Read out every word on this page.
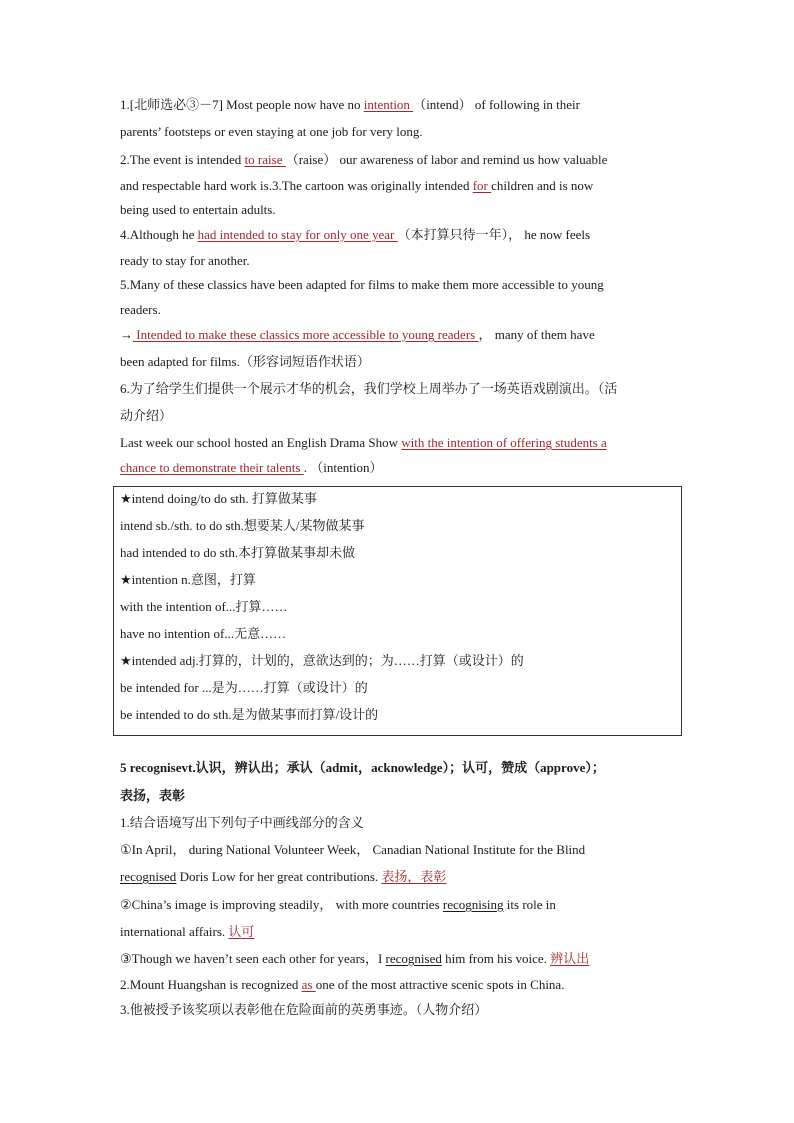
1.[北师选必③－7] Most people now have no intention （intend） of following in their
parents’ footsteps or even staying at one job for very long.
2.The event is intended to raise （raise） our awareness of labor and remind us how valuable
and respectable hard work is.3.The cartoon was originally intended for children and is now
being used to entertain adults.
4.Although he had intended to stay for only one year （本打算只待一年）， he now feels
ready to stay for another.
5.Many of these classics have been adapted for films to make them more accessible to young
readers.
→ Intended to make these classics more accessible to young readers ， many of them have
been adapted for films.（形容词短语作状语）
6.为了给学生们提供一个展示才华的机会，我们学校上周举办了一场英语戏剧演出。（活
动介绍）
Last week our school hosted an English Drama Show with the intention of offering students a
chance to demonstrate their talents . （intention）
★intend doing/to do sth. 打算做某事
intend sb./sth. to do sth.想要某人/某物做某事
had intended to do sth.本打算做某事却未做
★intention n.意图，打算
with the intention of...打算……
have no intention of...无意……
★intended adj.打算的，计划的，意欲达到的；为……打算（或设计）的
be intended for ...是为……打算（或设计）的
be intended to do sth.是为做某事而打算/设计的
5 recognisevt.认识，辨认出；承认（admit，acknowledge）；认可，赞成（approve）；
表扬，表彰
1.结合语境写出下列句子中画线部分的含义
①In April， during National Volunteer Week， Canadian National Institute for the Blind
recognised Doris Low for her great contributions. 表扬，表彰
②China’s image is improving steadily， with more countries recognising its role in
international affairs. 认可
③Though we haven’t seen each other for years，I recognised him from his voice. 辨认出
2.Mount Huangshan is recognized as one of the most attractive scenic spots in China.
3.他被授予该奖项以表彰他在危险面前的英勇事迹。（人物介绍）
